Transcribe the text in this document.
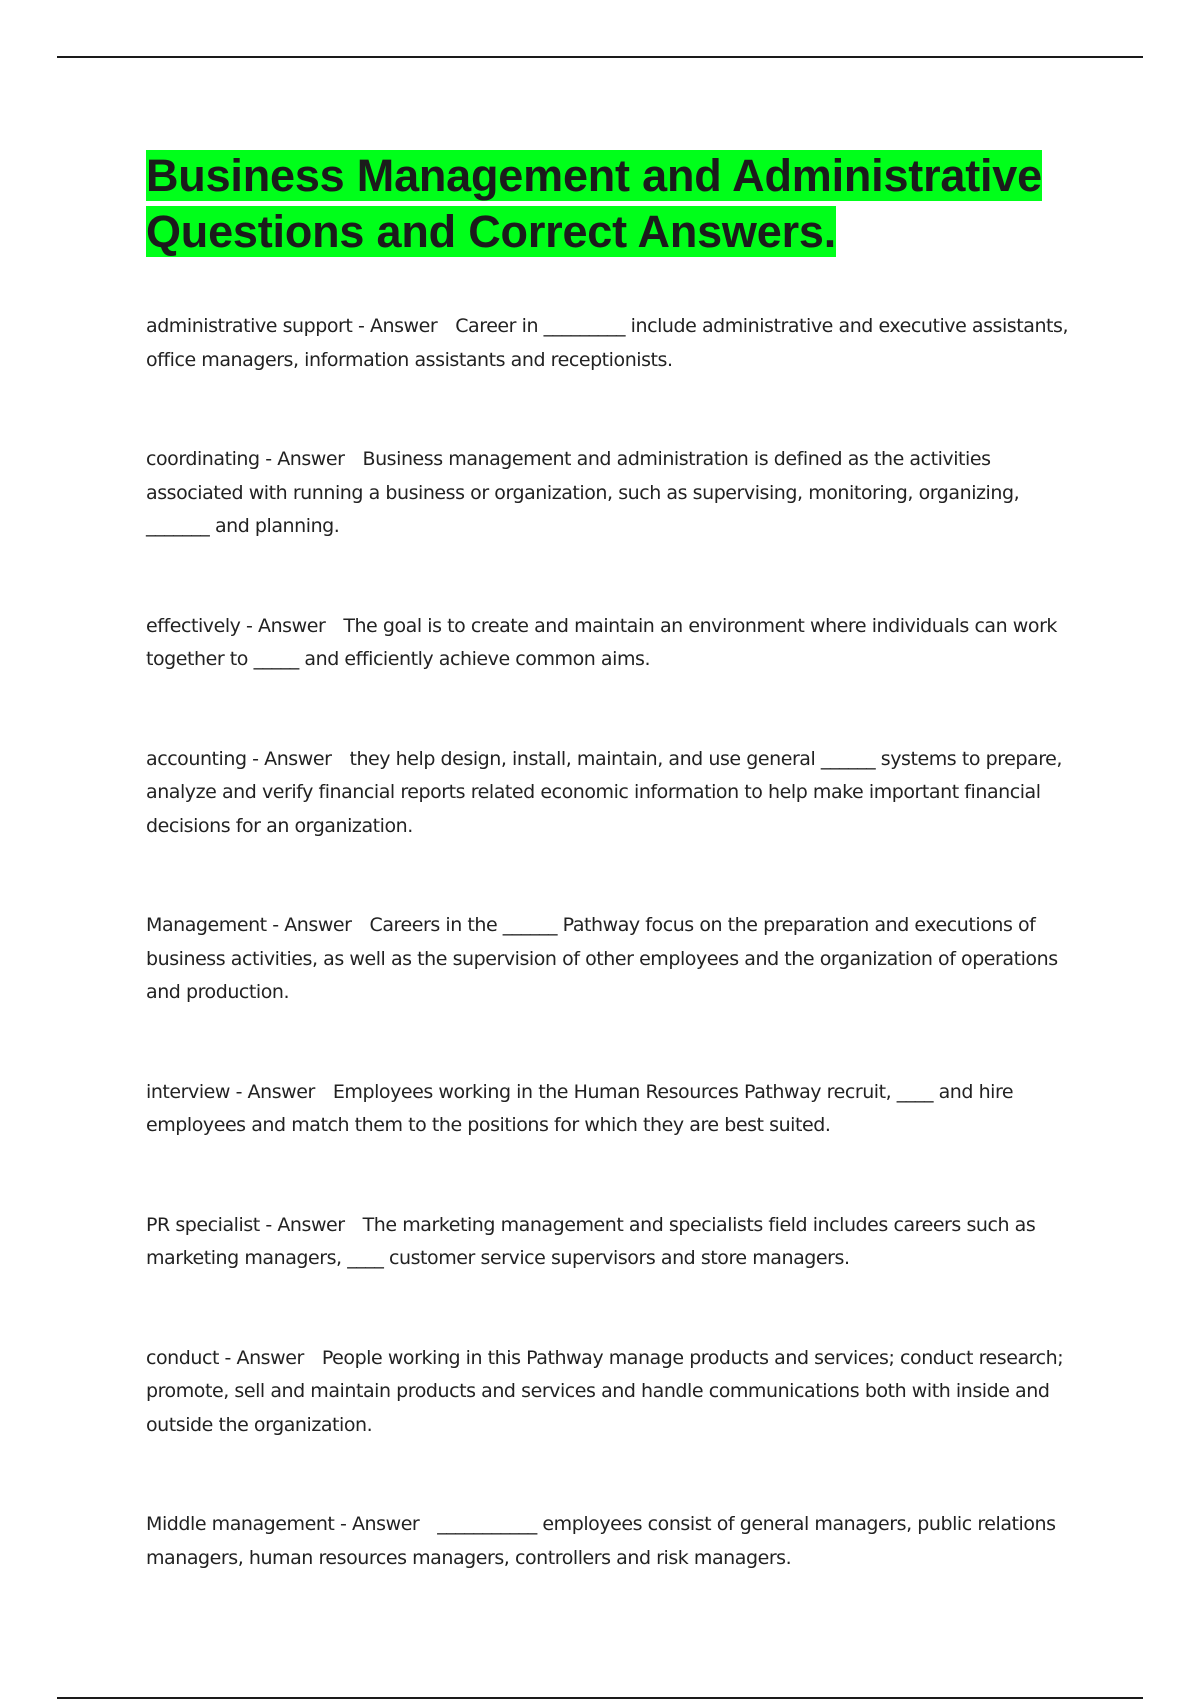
Business Management and Administrative Questions and Correct Answers.

administrative support - Answer Career in _________ include administrative and executive assistants, office managers, information assistants and receptionists.

coordinating - Answer Business management and administration is defined as the activities associated with running a business or organization, such as supervising, monitoring, organizing, _______ and planning.

effectively - Answer The goal is to create and maintain an environment where individuals can work together to _____ and efficiently achieve common aims.

accounting - Answer they help design, install, maintain, and use general ______ systems to prepare, analyze and verify financial reports related economic information to help make important financial decisions for an organization.

Management - Answer Careers in the ______ Pathway focus on the preparation and executions of business activities, as well as the supervision of other employees and the organization of operations and production.

interview - Answer Employees working in the Human Resources Pathway recruit, ____ and hire employees and match them to the positions for which they are best suited.

PR specialist - Answer The marketing management and specialists field includes careers such as marketing managers, ____ customer service supervisors and store managers.

conduct - Answer People working in this Pathway manage products and services; conduct research; promote, sell and maintain products and services and handle communications both with inside and outside the organization.

Middle management - Answer ___________ employees consist of general managers, public relations managers, human resources managers, controllers and risk managers.
